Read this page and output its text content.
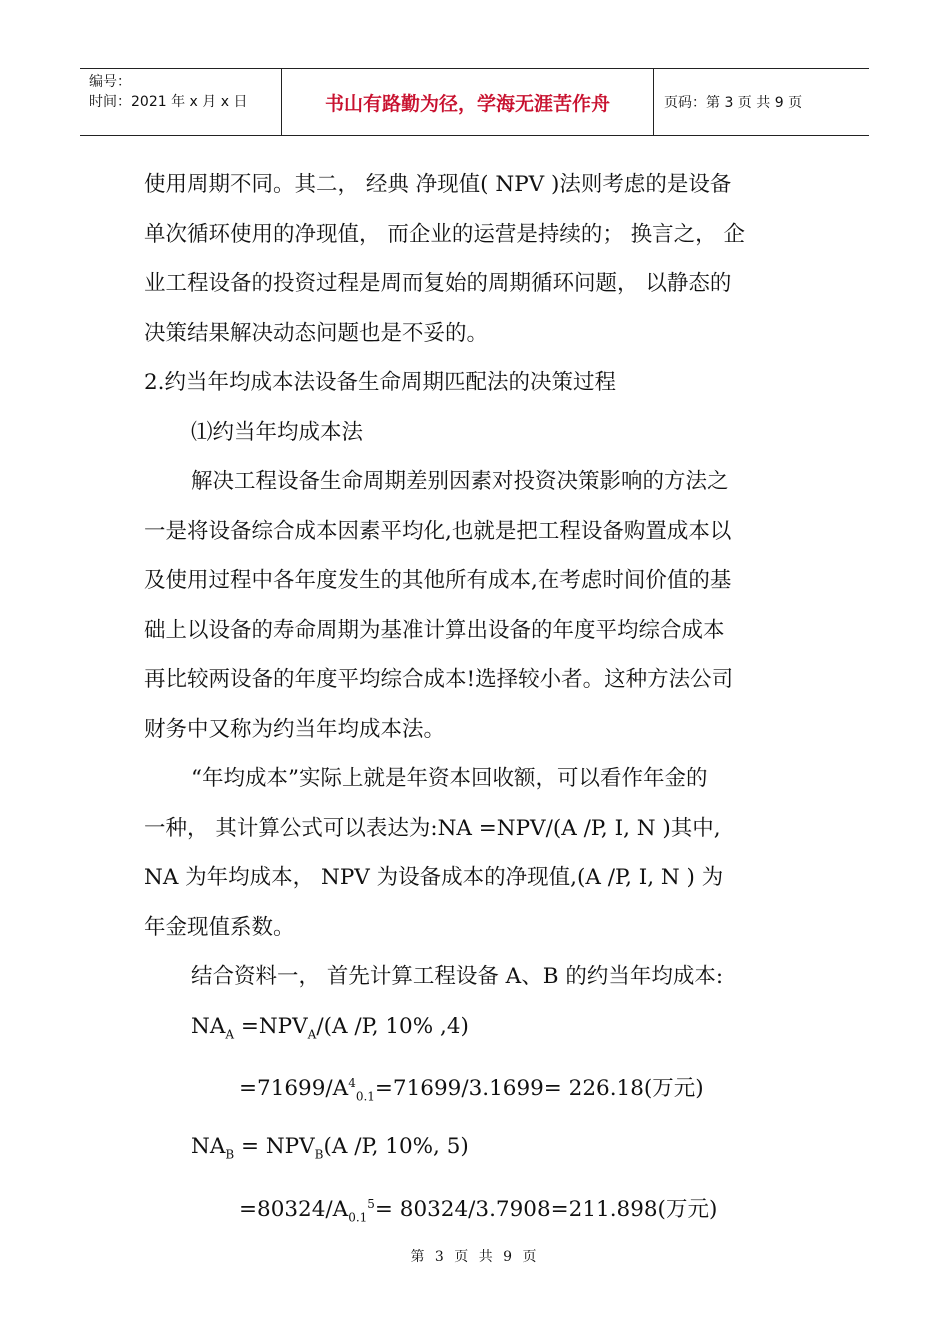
编号：
时间：2021 年 x 月 x 日	书山有路勤为径，学海无涯苦作舟	页码：第 3 页 共 9 页

使用周期不同。其二， 经典 净现值( NPV )法则考虑的是设备

单次循环使用的净现值， 而企业的运营是持续的； 换言之， 企

业工程设备的投资过程是周而复始的周期循环问题， 以静态的

决策结果解决动态问题也是不妥的。

2.约当年均成本法设备生命周期匹配法的决策过程

⑴约当年均成本法

解决工程设备生命周期差别因素对投资决策影响的方法之

一是将设备综合成本因素平均化,也就是把工程设备购置成本以

及使用过程中各年度发生的其他所有成本,在考虑时间价值的基

础上以设备的寿命周期为基准计算出设备的年度平均综合成本

再比较两设备的年度平均综合成本!选择较小者。这种方法公司

财务中又称为约当年均成本法。

“年均成本”实际上就是年资本回收额，可以看作年金的

一种， 其计算公式可以表达为:NA =NPV/(A /P, I, N )其中,

NA 为年均成本， NPV 为设备成本的净现值,(A /P, I, N ) 为

年金现值系数。

结合资料一， 首先计算工程设备 A、B 的约当年均成本:

$NA_A =NPV_A/(A$ /P, 10% ,4)

$=71699/A^4_{0.1}=71699/3.1699= 226.18$(万元)

$NA_B = NPV_B(A$ /P, 10%, 5)

$=80324/A_{0.1}^5= 80324/3.7908=211.898$(万元)

第 3 页 共 9 页
